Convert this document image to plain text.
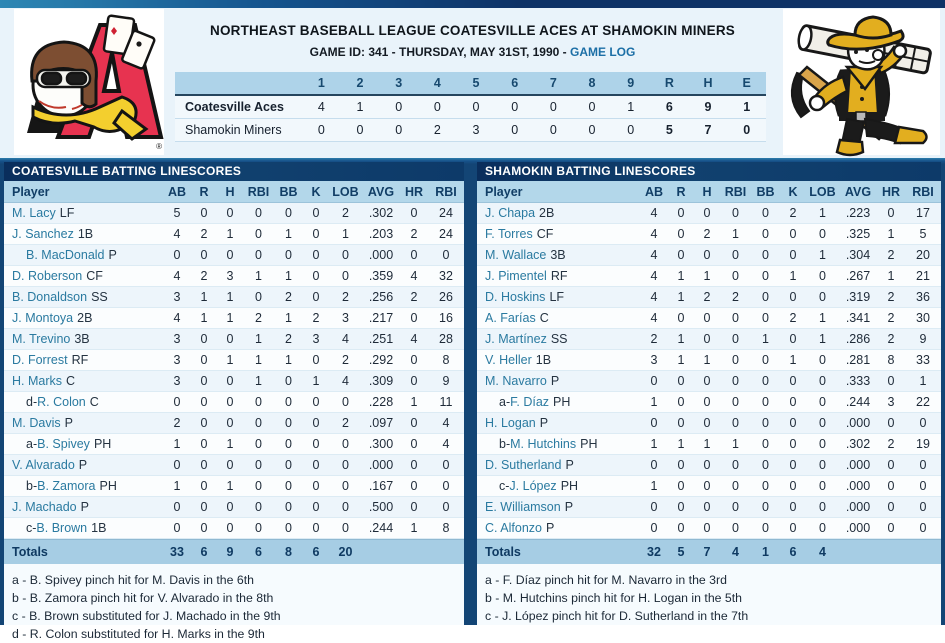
®
NORTHEAST BASEBALL LEAGUE COATESVILLE ACES AT SHAMOKIN MINERS
GAME ID: 341 - THURSDAY, MAY 31ST, 1990 - GAME LOG
1	2	3	4	5	6	7	8	9	R	H	E
Coatesville Aces	4	1	0	0	0	0	0	0	1	6	9	1
Shamokin Miners	0	0	0	2	3	0	0	0	0	5	7	0
COATESVILLE BATTING LINESCORES
Player	AB	R	H	RBI BB	K LOB AVG HR RBI
M. Lacy LF	5	0	0	0	0	0	2	.302	0	24
J. Sanchez 1B	4	2	1	0	1	0	1	.203	2	24
B. MacDonald P	0	0	0	0	0	0	0	.000	0	0
D. Roberson CF	4	2	3	1	1	0	0	.359	4	32
B. Donaldson SS	3	1	1	0	2	0	2	.256	2	26
J. Montoya 2B	4	1	1	2	1	2	3	.217	0	16
M. Trevino 3B	3	0	0	1	2	3	4	.251	4	28
D. Forrest RF	3	0	1	1	1	0	2	.292	0	8
H. Marks C	3	0	0	1	0	1	4	.309	0	9
d-R. Colon C	0	0	0	0	0	0	0	.228	1	11
M. Davis P	2	0	0	0	0	0	2	.097	0	4
a-B. Spivey PH	1	0	1	0	0	0	0	.300	0	4
V. Alvarado P	0	0	0	0	0	0	0	.000	0	0
b-B. Zamora PH	1	0	1	0	0	0	0	.167	0	0
J. Machado P	0	0	0	0	0	0	0	.500	0	0
c-B. Brown 1B	0	0	0	0	0	0	0	.244	1	8
Totals	33	6	9	6	8	6	20
a - B. Spivey pinch hit for M. Davis in the 6th
b - B. Zamora pinch hit for V. Alvarado in the 8th
c - B. Brown substituted for J. Machado in the 9th
d - R. Colon substituted for H. Marks in the 9th
SHAMOKIN BATTING LINESCORES
Player	AB	R	H	RBI BB	K LOB AVG HR RBI
J. Chapa 2B	4	0	0	0	0	2	1	.223	0	17
F. Torres CF	4	0	2	1	0	0	0	.325	1	5
M. Wallace 3B	4	0	0	0	0	0	1	.304	2	20
J. Pimentel RF	4	1	1	0	0	1	0	.267	1	21
D. Hoskins LF	4	1	2	2	0	0	0	.319	2	36
A. Farías C	4	0	0	0	0	2	1	.341	2	30
J. Martínez SS	2	1	0	0	1	0	1	.286	2	9
V. Heller 1B	3	1	1	0	0	1	0	.281	8	33
M. Navarro P	0	0	0	0	0	0	0	.333	0	1
a-F. Díaz PH	1	0	0	0	0	0	0	.244	3	22
H. Logan P	0	0	0	0	0	0	0	.000	0	0
b-M. Hutchins PH	1	1	1	1	0	0	0	.302	2	19
D. Sutherland P	0	0	0	0	0	0	0	.000	0	0
c-J. López PH	1	0	0	0	0	0	0	.000	0	0
E. Williamson P	0	0	0	0	0	0	0	.000	0	0
C. Alfonzo P	0	0	0	0	0	0	0	.000	0	0
Totals	32	5	7	4	1	6	4
a - F. Díaz pinch hit for M. Navarro in the 3rd
b - M. Hutchins pinch hit for H. Logan in the 5th
c - J. López pinch hit for D. Sutherland in the 7th
